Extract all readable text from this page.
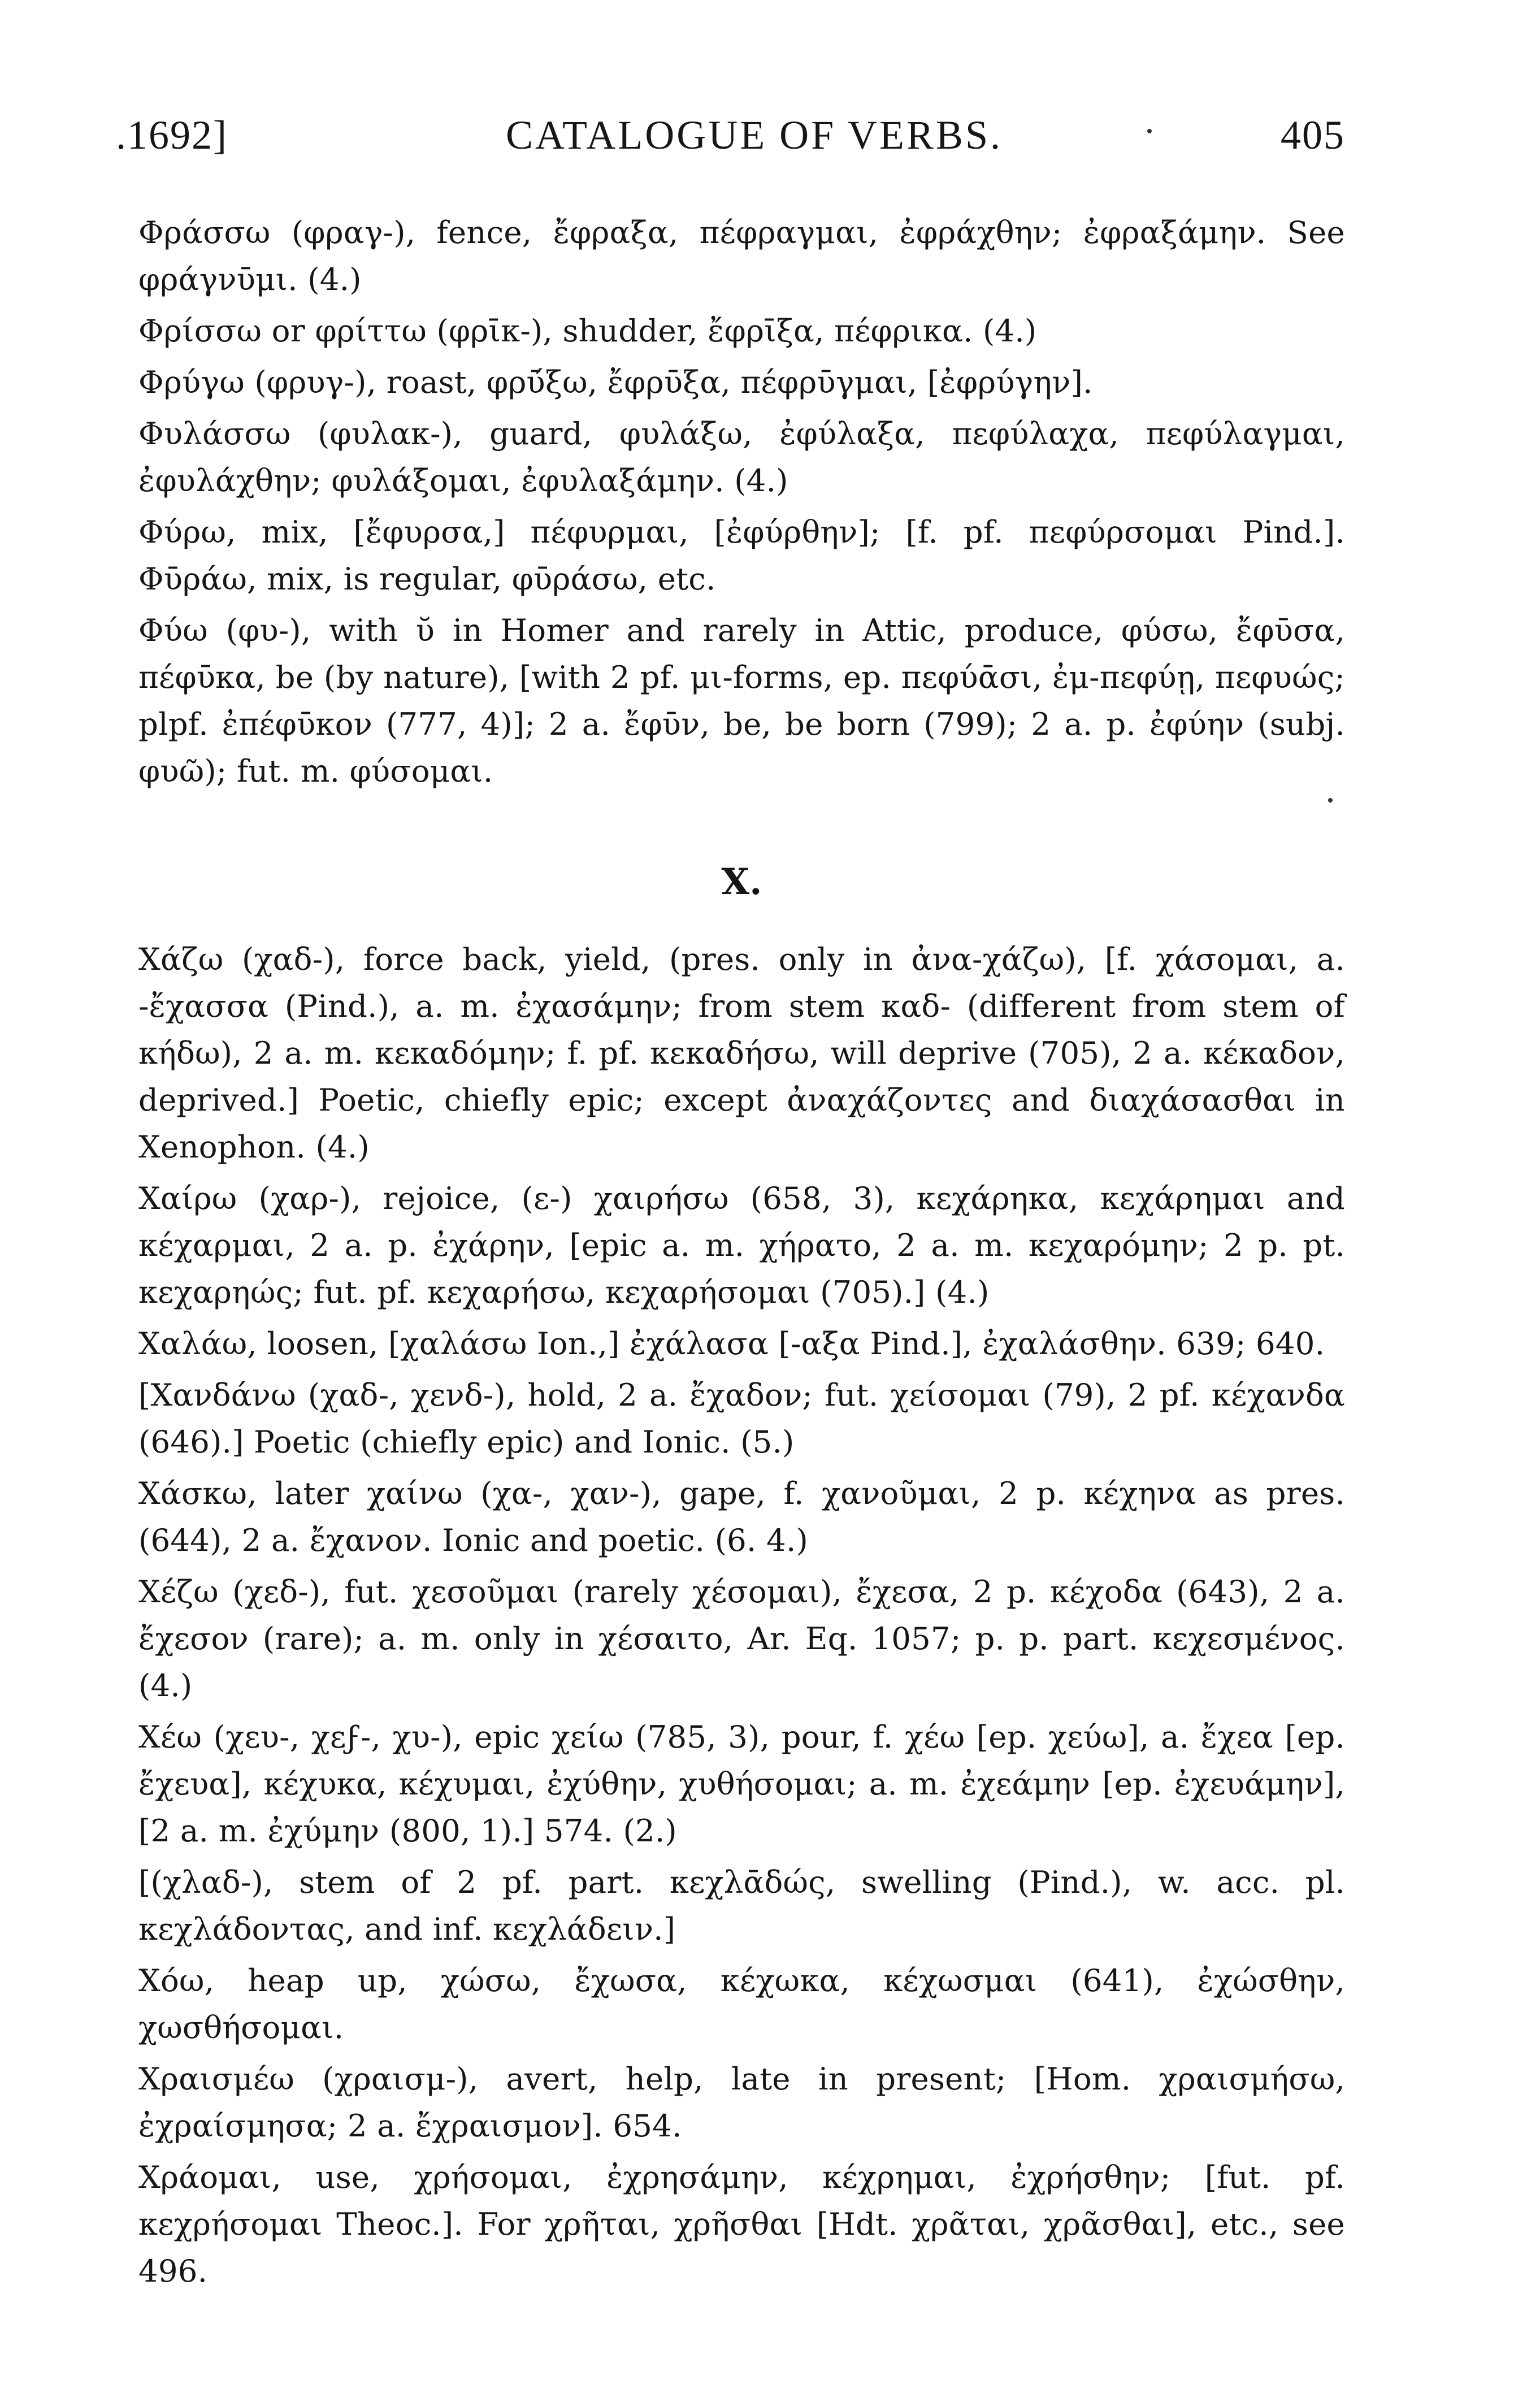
.1692]	CATALOGUE OF VERBS.	405

Φράσσω (φραγ-), fence, ἔφραξα, πέφραγμαι, ἐφράχθην; ἐφραξάμην. See φράγνῡμι. (4.)

Φρίσσω or φρίττω (φρῑκ-), shudder, ἔφρῑξα, πέφρικα. (4.)

Φρύγω (φρυγ-), roast, φρῡ́ξω, ἔφρῡξα, πέφρῡγμαι, [ἐφρύγην].

Φυλάσσω (φυλακ-), guard, φυλάξω, ἐφύλαξα, πεφύλαχα, πεφύλαγμαι, ἐφυλάχθην; φυλάξομαι, ἐφυλαξάμην. (4.)

Φύρω, mix, [ἔφυρσα,] πέφυρμαι, [ἐφύρθην]; [f. pf. πεφύρσομαι Pind.]. Φῡράω, mix, is regular, φῡράσω, etc.

Φύω (φυ-), with ῠ in Homer and rarely in Attic, produce, φύσω, ἔφῡσα, πέφῡκα, be (by nature), [with 2 pf. μι-forms, ep. πεφύᾱσι, ἐμ-πεφύῃ, πεφυώς; plpf. ἐπέφῡκον (777, 4)]; 2 a. ἔφῡν, be, be born (799); 2 a. p. ἐφύην (subj. φυῶ); fut. m. φύσομαι.

X.

Χάζω (χαδ-), force back, yield, (pres. only in ἀνα-χάζω), [f. χάσομαι, a. -ἔχασσα (Pind.), a. m. ἐχασάμην; from stem καδ- (different from stem of κήδω), 2 a. m. κεκαδόμην; f. pf. κεκαδήσω, will deprive (705), 2 a. κέκαδον, deprived.] Poetic, chiefly epic; except ἀναχάζοντες and διαχάσασθαι in Xenophon. (4.)

Χαίρω (χαρ-), rejoice, (ε-) χαιρήσω (658, 3), κεχάρηκα, κεχάρημαι and κέχαρμαι, 2 a. p. ἐχάρην, [epic a. m. χήρατο, 2 a. m. κεχαρόμην; 2 p. pt. κεχαρηώς; fut. pf. κεχαρήσω, κεχαρήσομαι (705).] (4.)

Χαλάω, loosen, [χαλάσω Ion.,] ἐχάλασα [-αξα Pind.], ἐχαλάσθην. 639; 640.

[Χανδάνω (χαδ-, χενδ-), hold, 2 a. ἔχαδον; fut. χείσομαι (79), 2 pf. κέχανδα (646).] Poetic (chiefly epic) and Ionic. (5.)

Χάσκω, later χαίνω (χα-, χαν-), gape, f. χανοῦμαι, 2 p. κέχηνα as pres. (644), 2 a. ἔχανον. Ionic and poetic. (6. 4.)

Χέζω (χεδ-), fut. χεσοῦμαι (rarely χέσομαι), ἔχεσα, 2 p. κέχοδα (643), 2 a. ἔχεσον (rare); a. m. only in χέσαιτο, Ar. Eq. 1057; p. p. part. κεχεσμένος. (4.)

Χέω (χευ-, χεϝ-, χυ-), epic χείω (785, 3), pour, f. χέω [ep. χεύω], a. ἔχεα [ep. ἔχευα], κέχυκα, κέχυμαι, ἐχύθην, χυθήσομαι; a. m. ἐχεάμην [ep. ἐχευάμην], [2 a. m. ἐχύμην (800, 1).] 574. (2.)

[(χλαδ-), stem of 2 pf. part. κεχλᾱδώς, swelling (Pind.), w. acc. pl. κεχλάδοντας, and inf. κεχλάδειν.]

Χόω, heap up, χώσω, ἔχωσα, κέχωκα, κέχωσμαι (641), ἐχώσθην, χωσθήσομαι.

Χραισμέω (χραισμ-), avert, help, late in present; [Hom. χραισμήσω, ἐχραίσμησα; 2 a. ἔχραισμον]. 654.

Χράομαι, use, χρήσομαι, ἐχρησάμην, κέχρημαι, ἐχρήσθην; [fut. pf. κεχρήσομαι Theoc.]. For χρῆται, χρῆσθαι [Hdt. χρᾶται, χρᾶσθαι], etc., see 496.
